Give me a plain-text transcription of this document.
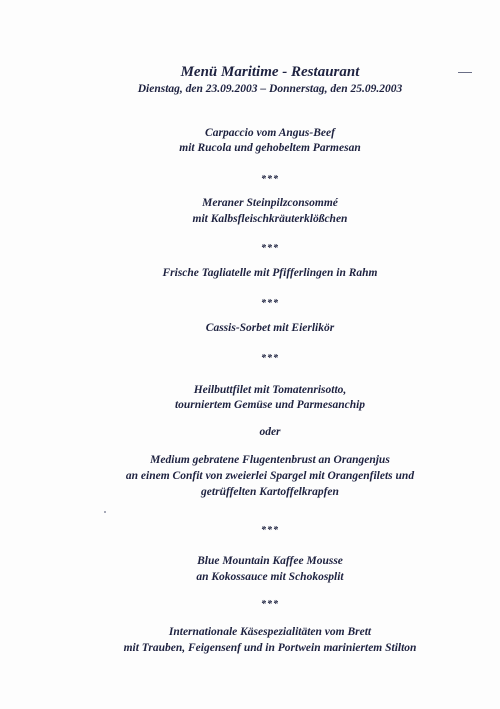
Menü Maritime - Restaurant
Dienstag, den 23.09.2003 – Donnerstag, den 25.09.2003
Carpaccio vom Angus-Beef
mit Rucola und gehobeltem Parmesan
***
Meraner Steinpilzconsommé
mit Kalbsfleischkräuterklößchen
***
Frische Tagliatelle mit Pfifferlingen in Rahm
***
Cassis-Sorbet mit Eierlikör
***
Heilbuttfilet mit Tomatenrisotto,
tourniertem Gemüse und Parmesanchip
oder
Medium gebratene Flugentenbrust an Orangenjus
an einem Confit von zweierlei Spargel mit Orangenfilets und
getrüffelten Kartoffelkrapfen
***
Blue Mountain Kaffee Mousse
an Kokossauce mit Schokosplit
***
Internationale Käsespezialitäten vom Brett
mit Trauben, Feigensenf und in Portwein mariniertem Stilton
